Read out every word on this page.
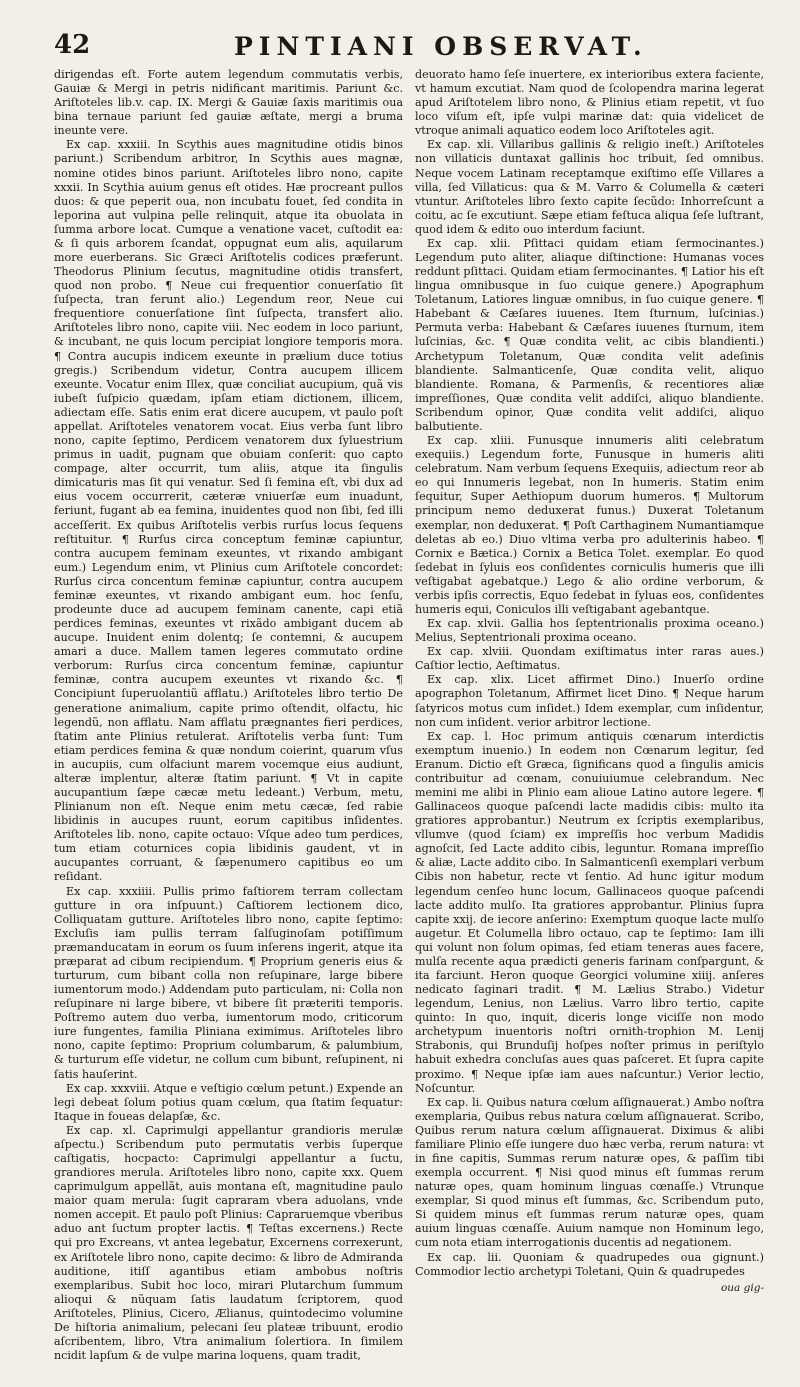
42	PINTIANI OBSERVAT.

dirigendas eſt. Forte autem legendum commutatis verbis, Gauiæ & Mergi in petris nidificant maritimis. Pariunt &c. Ariſtoteles lib.v. cap. IX. Mergi & Gauiæ ſaxis maritimis oua bina ternaue pariunt ſed gauiæ æſtate, mergi a bruma ineunte vere.

Ex cap. xxxiii. In Scythis aues magnitudine otidis binos pariunt.) Scribendum arbitror, In Scythis aues magnæ, nomine otides binos pariunt. Ariſtoteles libro nono, capite xxxii. In Scythia auium genus eſt otides. Hæ procreant pullos duos: & que peperit oua, non incubatu fouet, ſed condita in leporina aut vulpina pelle relinquit, atque ita obuolata in ſumma arbore locat. Cumque a venatione vacet, cuſtodit ea: & ſi quis arborem ſcandat, oppugnat eum alis, aquilarum more euerberans. Sic Græci Ariſtotelis codices præferunt. Theodorus Plinium ſecutus, magnitudine otidis transfert, quod non probo. ¶ Neue cui frequentior conuerſatio ſit ſuſpecta, tran ferunt alio.) Legendum reor, Neue cui frequentiore conuerſatione ſint ſuſpecta, transfert alio. Ariſtoteles libro nono, capite viii. Nec eodem in loco pariunt, & incubant, ne quis locum percipiat longiore temporis mora. ¶ Contra aucupis indicem exeunte in prælium duce totius gregis.) Scribendum videtur, Contra aucupem illicem exeunte. Vocatur enim Illex, quæ conciliat aucupium, quã vis iubeſt ſuſpicio quædam, ipſam etiam dictionem, illicem, adiectam eſſe. Satis enim erat dicere aucupem, vt paulo poſt appellat. Ariſtoteles venatorem vocat. Eius verba ſunt libro nono, capite ſeptimo, Perdicem venatorem dux ſyluestrium primus in uadit, pugnam que obuiam conſerit: quo capto compage, alter occurrit, tum aliis, atque ita ſingulis dimicaturis mas ſit qui venatur. Sed ſi femina eſt, vbi dux ad eius vocem occurrerit, cæteræ vniuerſæ eum inuadunt, feriunt, fugant ab ea femina, inuidentes quod non ſibi, ſed illi acceſſerit. Ex quibus Ariſtotelis verbis rurſus locus ſequens reſtituitur. ¶ Rurſus circa conceptum feminæ capiuntur, contra aucupem feminam exeuntes, vt rixando ambigant eum.) Legendum enim, vt Plinius cum Ariſtotele concordet: Rurſus circa concentum feminæ capiuntur, contra aucupem feminæ exeuntes, vt rixando ambigant eum. hoc ſenſu, prodeunte duce ad aucupem feminam canente, capi etiã perdices feminas, exeuntes vt rixãdo ambigant ducem ab aucupe. Inuident enim dolentq; ſe contemni, & aucupem amari a duce. Mallem tamen legeres commutato ordine verborum: Rurſus circa concentum feminæ, capiuntur feminæ, contra aucupem exeuntes vt rixando &c. ¶ Concipiunt ſuperuolantiũ afflatu.) Ariſtoteles libro tertio De generatione animalium, capite primo oſtendit, olfactu, hic legendũ, non afflatu. Nam afflatu prægnantes fieri perdices, ſtatim ante Plinius retulerat. Ariſtotelis verba ſunt: Tum etiam perdices femina & quæ nondum coierint, quarum vſus in aucupiis, cum olfaciunt marem vocemque eius audiunt, alteræ implentur, alteræ ſtatim pariunt. ¶ Vt in capite aucupantium ſæpe cæcæ metu ledeant.) Verbum, metu, Plinianum non eſt. Neque enim metu cæcæ, ſed rabie libidinis in aucupes ruunt, eorum capitibus inſidentes. Ariſtoteles lib. nono, capite octauo: Vſque adeo tum perdices, tum etiam coturnices copia libidinis gaudent, vt in aucupantes corruant, & ſæpenumero capitibus eo um reſidant.

Ex cap. xxxiiii. Pullis primo faſtiorem terram collectam gutture in ora inſpuunt.) Caſtiorem lectionem dico, Colliquatam gutture. Ariſtoteles libro nono, capite ſeptimo: Excluſis iam pullis terram ſalſuginoſam potiſſimum præmanducatam in eorum os ſuum inſerens ingerit, atque ita præparat ad cibum recipiendum. ¶ Proprium generis eius & turturum, cum bibant colla non reſupinare, large bibere iumentorum modo.) Addendam puto particulam, ni: Colla non reſupinare ni large bibere, vt bibere ſit præteriti temporis. Poſtremo autem duo verba, iumentorum modo, criticorum iure fungentes, familia Pliniana eximimus. Ariſtoteles libro nono, capite ſeptimo: Proprium columbarum, & palumbium, & turturum eſſe videtur, ne collum cum bibunt, reſupinent, ni ſatis hauſerint.

Ex cap. xxxviii. Atque e veſtigio cœlum petunt.) Expende an legi debeat ſolum potius quam cœlum, qua ſtatim ſequatur: Itaque in foueas delapſæ, &c.

Ex cap. xl. Caprimulgi appellantur grandioris merulæ aſpectu.) Scribendum puto permutatis verbis ſuperque caſtigatis, hocpacto: Caprimulgi appellantur a ſuctu, grandiores merula. Ariſtoteles libro nono, capite xxx. Quem caprimulgum appellãt, auis montana eſt, magnitudine paulo maior quam merula: ſugit capraram vbera aduolans, vnde nomen accepit. Et paulo poſt Plinius: Capraruemque vberibus aduo ant ſuctum propter lactis. ¶ Teſtas excernens.) Recte qui pro Excreans, vt antea legebatur, Excernens correxerunt, ex Ariſtotele libro nono, capite decimo: & libro de Admiranda auditione, itiſſ agantibus etiam ambobus noſtris exemplaribus. Subit hoc loco, mirari Plutarchum ſummum alioqui & nũquam ſatis laudatum ſcriptorem, quod Ariſtoteles, Plinius, Cicero, Ælianus, quintodecimo volumine De hiſtoria animalium, pelecani ſeu plateæ tribuunt, erodio aſcribentem, libro, Vtra animalium ſolertiora. In ſimilem ncidit lapſum & de vulpe marina loquens, quam tradit,

deuorato hamo ſeſe inuertere, ex interioribus extera faciente, vt hamum excutiat. Nam quod de ſcolopendra marina legerat apud Ariſtotelem libro nono, & Plinius etiam repetit, vt ſuo loco viſum eſt, ipſe vulpi marinæ dat: quia videlicet de vtroque animali aquatico eodem loco Ariſtoteles agit.

Ex cap. xli. Villaribus gallinis & religio ineſt.) Ariſtoteles non villaticis duntaxat gallinis hoc tribuit, ſed omnibus. Neque vocem Latinam receptamque exiſtimo eſſe Villares a villa, ſed Villaticus: qua & M. Varro & Columella & cæteri vtuntur. Ariſtoteles libro ſexto capite ſecũdo: Inhorreſcunt a coitu, ac ſe excutiunt. Sæpe etiam feſtuca aliqua ſeſe luſtrant, quod idem & edito ouo interdum faciunt.

Ex cap. xlii. Pſittaci quidam etiam ſermocinantes.) Legendum puto aliter, aliaque diſtinctione: Humanas voces reddunt pſittaci. Quidam etiam ſermocinantes. ¶ Latior his eſt lingua omnibusque in ſuo cuique genere.) Apographum Toletanum, Latiores linguæ omnibus, in ſuo cuique genere. ¶ Habebant & Cæſares iuuenes. Item ſturnum, luſcinias.) Permuta verba: Habebant & Cæſares iuuenes ſturnum, item luſcinias, &c. ¶ Quæ condita velit, ac cibis blandienti.) Archetypum Toletanum, Quæ condita velit adeſinis blandiente. Salmanticenſe, Quæ condita velit, aliquo blandiente. Romana, & Parmenſis, & recentiores aliæ impreſſiones, Quæ condita velit addiſci, aliquo blandiente. Scribendum opinor, Quæ condita velit addiſci, aliquo balbutiente.

Ex cap. xliii. Funusque innumeris aliti celebratum exequiis.) Legendum forte, Funusque in humeris aliti celebratum. Nam verbum ſequens Exequiis, adiectum reor ab eo qui Innumeris legebat, non In humeris. Statim enim ſequitur, Super Aethiopum duorum humeros. ¶ Multorum principum nemo deduxerat funus.) Duxerat Toletanum exemplar, non deduxerat. ¶ Poſt Carthaginem Numantiamque deletas ab eo.) Diuo vltima verba pro adulterinis habeo. ¶ Cornix e Bætica.) Cornix a Betica Tolet. exemplar. Eo quod ſedebat in ſyluis eos conſidentes corniculis humeris que illi veſtigabat agebatque.) Lego & alio ordine verborum, & verbis ipſis correctis, Equo ſedebat in ſyluas eos, conſidentes humeris equi, Coniculos illi veſtigabant agebantque.

Ex cap. xlvii. Gallia hos ſeptentrionalis proxima oceano.) Melius, Septentrionali proxima oceano.

Ex cap. xlviii. Quondam exiſtimatus inter raras aues.) Caſtior lectio, Aeſtimatus.

Ex cap. xlix. Licet affirmet Dino.) Inuerſo ordine apographon Toletanum, Affirmet licet Dino. ¶ Neque harum ſatyricos motus cum inſidet.) Idem exemplar, cum inſidentur, non cum inſident. verior arbitror lectione.

Ex cap. l. Hoc primum antiquis cœnarum interdictis exemptum inuenio.) In eodem non Cœnarum legitur, ſed Eranum. Dictio eſt Græca, ſignificans quod a ſingulis amicis contribuitur ad cœnam, conuiuiumue celebrandum. Nec memini me alibi in Plinio eam alioue Latino autore legere. ¶ Gallinaceos quoque paſcendi lacte madidis cibis: multo ita gratiores approbantur.) Neutrum ex ſcriptis exemplaribus, vllumve (quod ſciam) ex impreſſis hoc verbum Madidis agnoſcit, ſed Lacte addito cibis, leguntur. Romana impreſſio & aliæ, Lacte addito cibo. In Salmanticenſi exemplari verbum Cibis non habetur, recte vt ſentio. Ad hunc igitur modum legendum cenſeo hunc locum, Gallinaceos quoque paſcendi lacte addito mulſo. Ita gratiores approbantur. Plinius ſupra capite xxij. de iecore anſerino: Exemptum quoque lacte mulſo augetur. Et Columella libro octauo, cap te ſeptimo: Iam illi qui volunt non ſolum opimas, ſed etiam teneras aues facere, mulſa recente aqua prædicti generis farinam conſpargunt, & ita farciunt. Heron quoque Georgici volumine xiiij. anſeres nedicato ſaginari tradit. ¶ M. Lælius Strabo.) Videtur legendum, Lenius, non Lælius. Varro libro tertio, capite quinto: In quo, inquit, diceris longe viciſſe non modo archetypum inuentoris noſtri ornith-trophion M. Lenij Strabonis, qui Brunduſij hoſpes noſter primus in periſtylo habuit exhedra concluſas aues quas paſceret. Et ſupra capite proximo. ¶ Neque ipſæ iam aues naſcuntur.) Verior lectio, Noſcuntur.

Ex cap. li. Quibus natura cœlum aſſignauerat.) Ambo noſtra exemplaria, Quibus rebus natura cœlum aſſignauerat. Scribo, Quibus rerum natura cœlum aſſignauerat. Diximus & alibi familiare Plinio eſſe iungere duo hæc verba, rerum natura: vt in fine capitis, Summas rerum naturæ opes, & paſſim tibi exempla occurrent. ¶ Nisi quod minus eſt ſummas rerum naturæ opes, quam hominum linguas cœnaſſe.) Vtrunque exemplar, Si quod minus eſt ſummas, &c. Scribendum puto, Si quidem minus eſt ſummas rerum naturæ opes, quam auium linguas cœnaſſe. Auium namque non Hominum lego, cum nota etiam interrogationis ducentis ad negationem.

Ex cap. lii. Quoniam & quadrupedes oua gignunt.) Commodior lectio archetypi Toletani, Quin & quadrupedes

oua gig-
